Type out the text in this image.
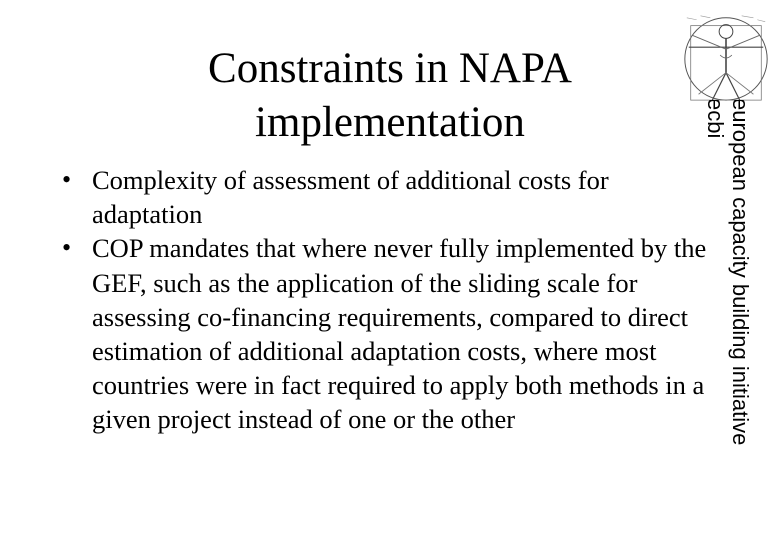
Constraints in NAPA
implementation
• Complexity of assessment of additional costs for adaptation
• COP mandates that where never fully implemented by the GEF, such as the application of the sliding scale for assessing co-financing requirements, compared to direct estimation of additional adaptation costs, where most countries were in fact required to apply both methods in a given project instead of one or the other	european capacity building initiative
ecbi
